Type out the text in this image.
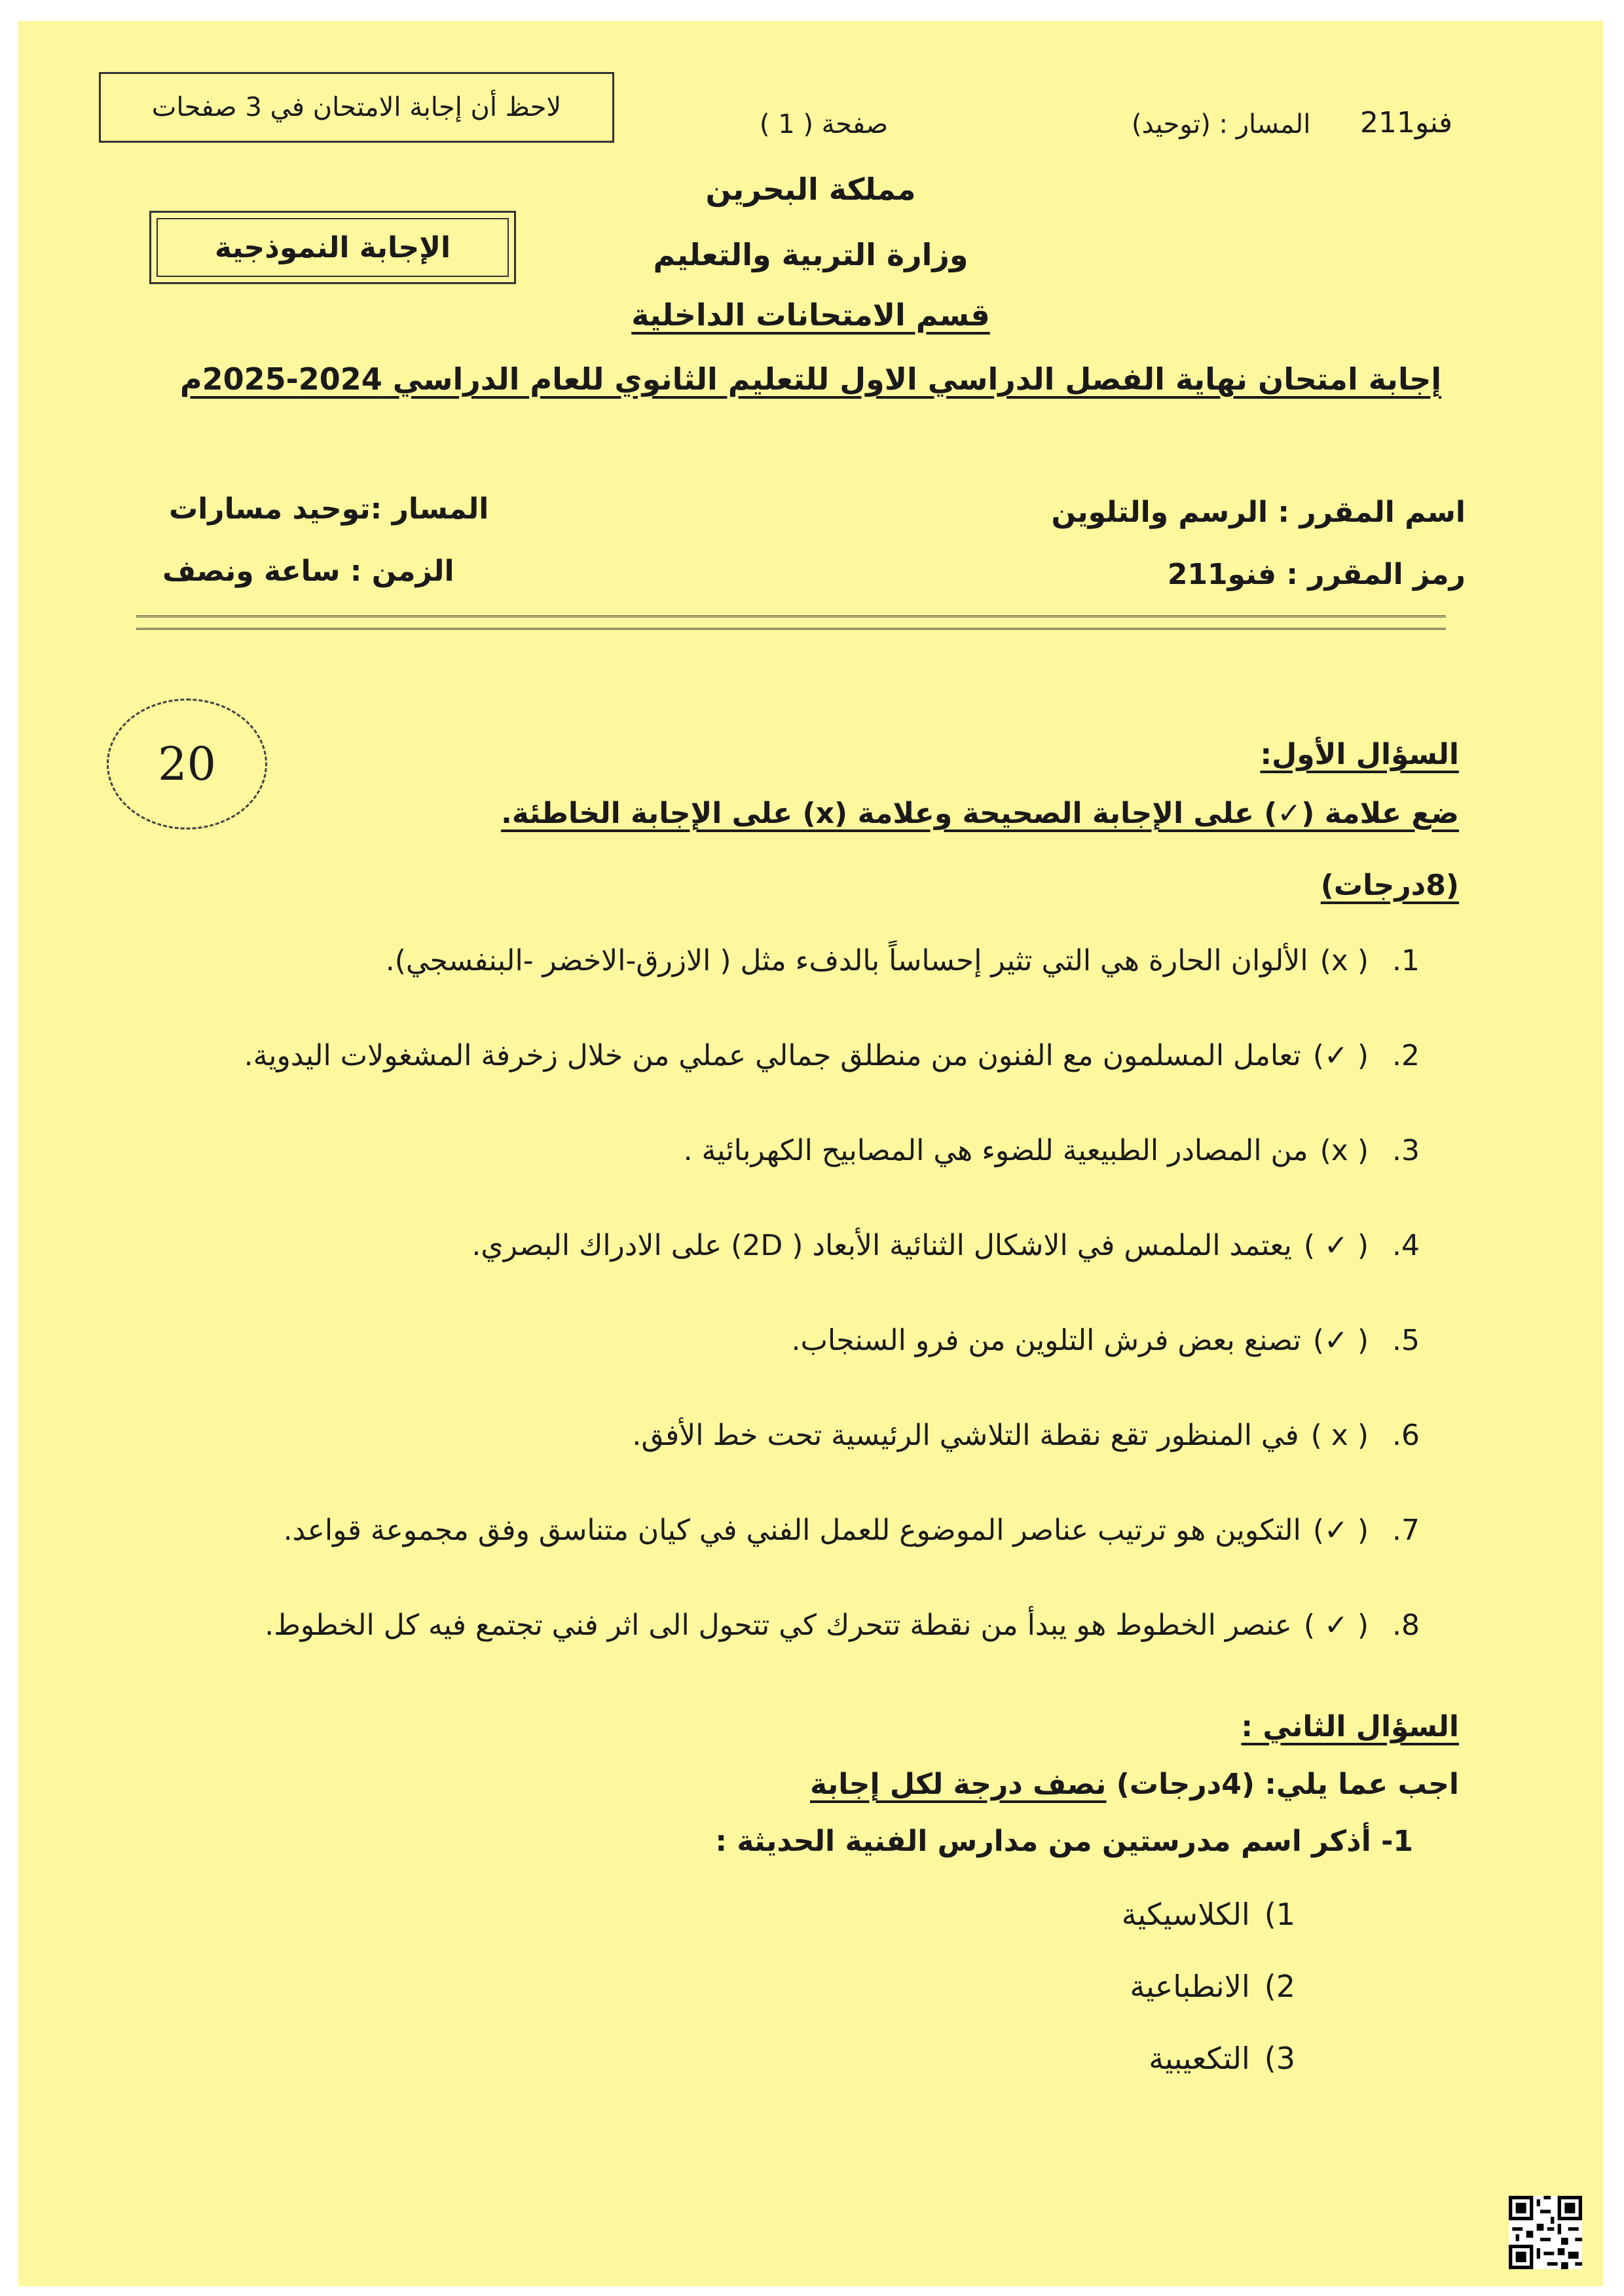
لاحظ أن إجابة الامتحان في 3 صفحات
صفحة ( 1 )	المسار : (توحيد)	فنو211
الإجابة النموذجية
مملكة البحرين
وزارة التربية والتعليم
قسم الامتحانات الداخلية
إجابة امتحان نهاية الفصل الدراسي الاول للتعليم الثانوي للعام الدراسي 2024-2025م
اسم المقرر : الرسم والتلوين
رمز المقرر : فنو211
المسار :توحيد مسارات
الزمن : ساعة ونصف
20	السؤال الأول:
ضع علامة (✓) على الإجابة الصحيحة وعلامة (x) على الإجابة الخاطئة.
(8درجات)
1.
( x)
الألوان الحارة هي التي تثير إحساساً بالدفء مثل ( الازرق-الاخضر -البنفسجي).
2.
( ✓)
تعامل المسلمون مع الفنون من منطلق جمالي عملي من خلال زخرفة المشغولات اليدوية.
3.
( x)
من المصادر الطبيعية للضوء هي المصابيح الكهربائية .
4.
( ✓ )
يعتمد الملمس في الاشكال الثنائية الأبعاد ( 2D) على الادراك البصري.
5.
( ✓)
تصنع بعض فرش التلوين من فرو السنجاب.
6.
( x )
في المنظور تقع نقطة التلاشي الرئيسية تحت خط الأفق.
7.
( ✓)
التكوين هو ترتيب عناصر الموضوع للعمل الفني في كيان متناسق وفق مجموعة قواعد.
8.
( ✓ )
عنصر الخطوط هو يبدأ من نقطة تتحرك كي تتحول الى اثر فني تجتمع فيه كل الخطوط.
السؤال الثاني :
اجب عما يلي: (4درجات) نصف درجة لكل إجابة
1- أذكر اسم مدرستين من مدارس الفنية الحديثة :
1)
الكلاسيكية
2)
الانطباعية
3)
التكعيبية
